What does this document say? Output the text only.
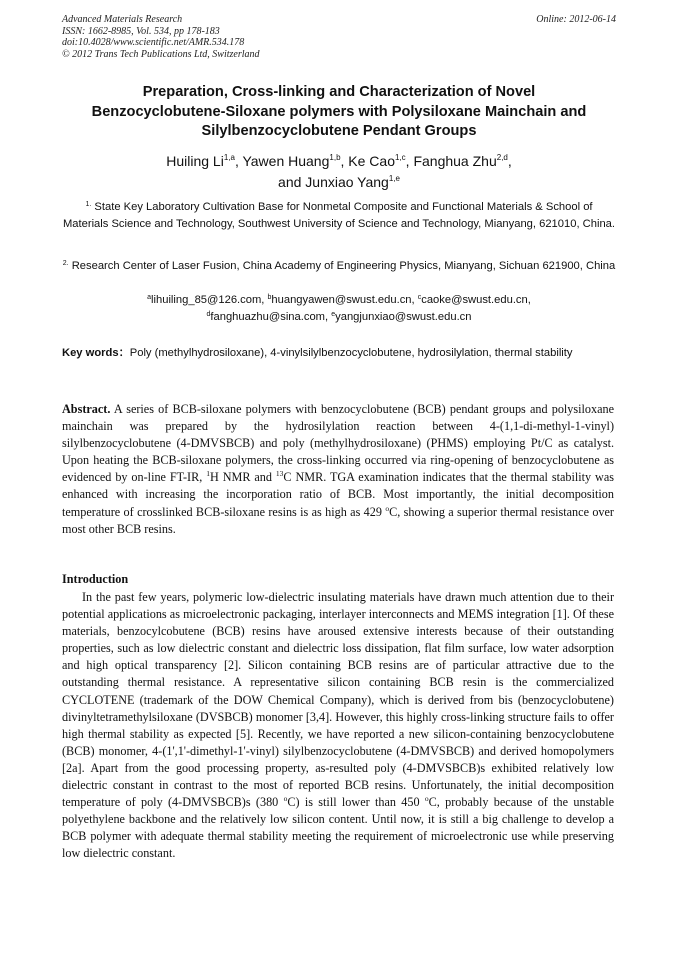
Advanced Materials Research
ISSN: 1662-8985, Vol. 534, pp 178-183
doi:10.4028/www.scientific.net/AMR.534.178
© 2012 Trans Tech Publications Ltd, Switzerland
Online: 2012-06-14
Preparation, Cross-linking and Characterization of Novel
Benzocyclobutene-Siloxane polymers with Polysiloxane Mainchain and
Silylbenzocyclobutene Pendant Groups
Huiling Li$^{1,a}$, Yawen Huang$^{1,b}$, Ke Cao$^{1,c}$, Fanghua Zhu$^{2,d}$,
and Junxiao Yang$^{1,e}$
$^{1.}$ State Key Laboratory Cultivation Base for Nonmetal Composite and Functional Materials & School of Materials Science and Technology, Southwest University of Science and Technology, Mianyang, 621010, China.
$^{2.}$ Research Center of Laser Fusion, China Academy of Engineering Physics, Mianyang, Sichuan 621900, China
$^a$lihuiling_85@126.com, $^b$huangyawen@swust.edu.cn, $^c$caoke@swust.edu.cn,
$^d$fanghuazhu@sina.com, $^e$yangjunxiao@swust.edu.cn
Key words：Poly (methylhydrosiloxane), 4-vinylsilylbenzocyclobutene, hydrosilylation, thermal stability
Abstract. A series of BCB-siloxane polymers with benzocyclobutene (BCB) pendant groups and polysiloxane mainchain was prepared by the hydrosilylation reaction between 4-(1,1-di-methyl-1-vinyl) silylbenzocyclobutene (4-DMVSBCB) and poly (methylhydrosiloxane) (PHMS) employing Pt/C as catalyst. Upon heating the BCB-siloxane polymers, the cross-linking occurred via ring-opening of benzocyclobutene as evidenced by on-line FT-IR, $^1$H NMR and $^{13}$C NMR. TGA examination indicates that the thermal stability was enhanced with increasing the incorporation ratio of BCB. Most importantly, the initial decomposition temperature of crosslinked BCB-siloxane resins is as high as 429 $^o$C, showing a superior thermal resistance over most other BCB resins.
Introduction
In the past few years, polymeric low-dielectric insulating materials have drawn much attention due to their potential applications as microelectronic packaging, interlayer interconnects and MEMS integration [1]. Of these materials, benzocylcobutene (BCB) resins have aroused extensive interests because of their outstanding properties, such as low dielectric constant and dielectric loss dissipation, flat film surface, low water adsorption and high optical transparency [2]. Silicon containing BCB resins are of particular attractive due to the outstanding thermal resistance. A representative silicon containing BCB resin is the commercialized CYCLOTENE (trademark of the DOW Chemical Company), which is derived from bis (benzocyclobutene) divinyltetramethylsiloxane (DVSBCB) monomer [3,4]. However, this highly cross-linking structure fails to offer high thermal stability as expected [5]. Recently, we have reported a new silicon-containing benzocyclobutene (BCB) monomer, 4-(1',1'-dimethyl-1'-vinyl) silylbenzocyclobutene (4-DMVSBCB) and derived homopolymers [2a]. Apart from the good processing property, as-resulted poly (4-DMVSBCB)s exhibited relatively low dielectric constant in contrast to the most of reported BCB resins. Unfortunately, the initial decomposition temperature of poly (4-DMVSBCB)s (380 $^o$C) is still lower than 450 $^o$C, probably because of the unstable polyethylene backbone and the relatively low silicon content. Until now, it is still a big challenge to develop a BCB polymer with adequate thermal stability meeting the requirement of microelectronic use while preserving low dielectric constant.
